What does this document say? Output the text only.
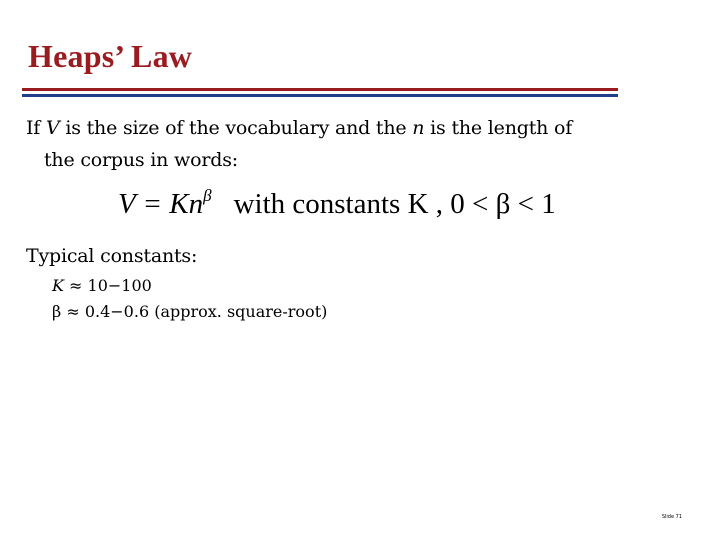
Heaps’ Law
If V is the size of the vocabulary and the n is the length of
the corpus in words:
$V = Kn^\beta$ with constants K , 0 < β < 1
Typical constants:
K ≈ 10−100
β ≈ 0.4−0.6 (approx. square-root)
Slide 71
